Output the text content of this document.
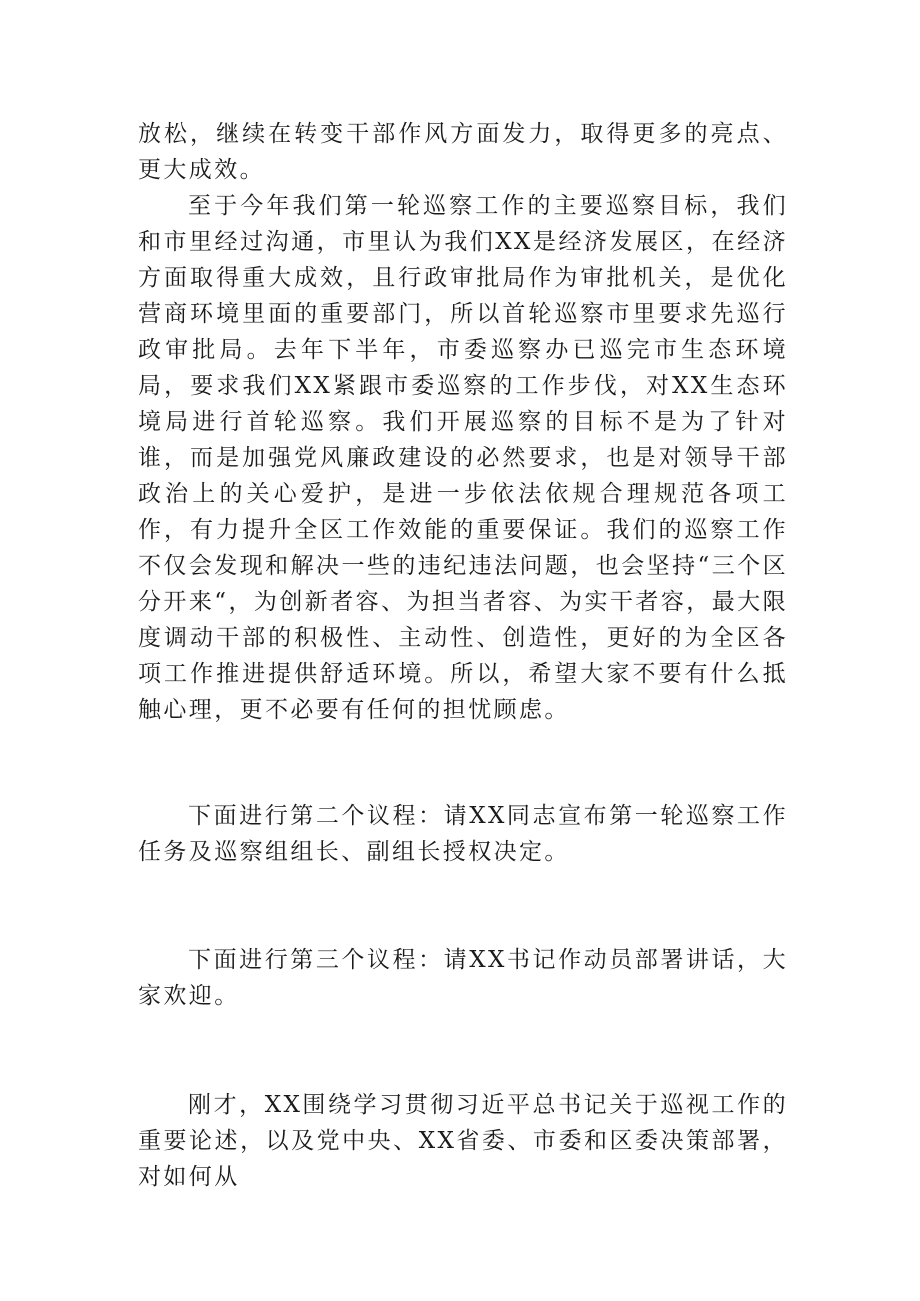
放松，继续在转变干部作风方面发力，取得更多的亮点、更大成效。

至于今年我们第一轮巡察工作的主要巡察目标，我们和市里经过沟通，市里认为我们XX是经济发展区，在经济方面取得重大成效，且行政审批局作为审批机关，是优化营商环境里面的重要部门，所以首轮巡察市里要求先巡行政审批局。去年下半年，市委巡察办已巡完市生态环境局，要求我们XX紧跟市委巡察的工作步伐，对XX生态环境局进行首轮巡察。我们开展巡察的目标不是为了针对谁，而是加强党风廉政建设的必然要求，也是对领导干部政治上的关心爱护，是进一步依法依规合理规范各项工作，有力提升全区工作效能的重要保证。我们的巡察工作不仅会发现和解决一些的违纪违法问题，也会坚持“三个区分开来“，为创新者容、为担当者容、为实干者容，最大限度调动干部的积极性、主动性、创造性，更好的为全区各项工作推进提供舒适环境。所以，希望大家不要有什么抵触心理，更不必要有任何的担忧顾虑。

下面进行第二个议程：请XX同志宣布第一轮巡察工作任务及巡察组组长、副组长授权决定。

下面进行第三个议程：请XX书记作动员部署讲话，大家欢迎。

刚才，XX围绕学习贯彻习近平总书记关于巡视工作的重要论述，以及党中央、XX省委、市委和区委决策部署，对如何从
